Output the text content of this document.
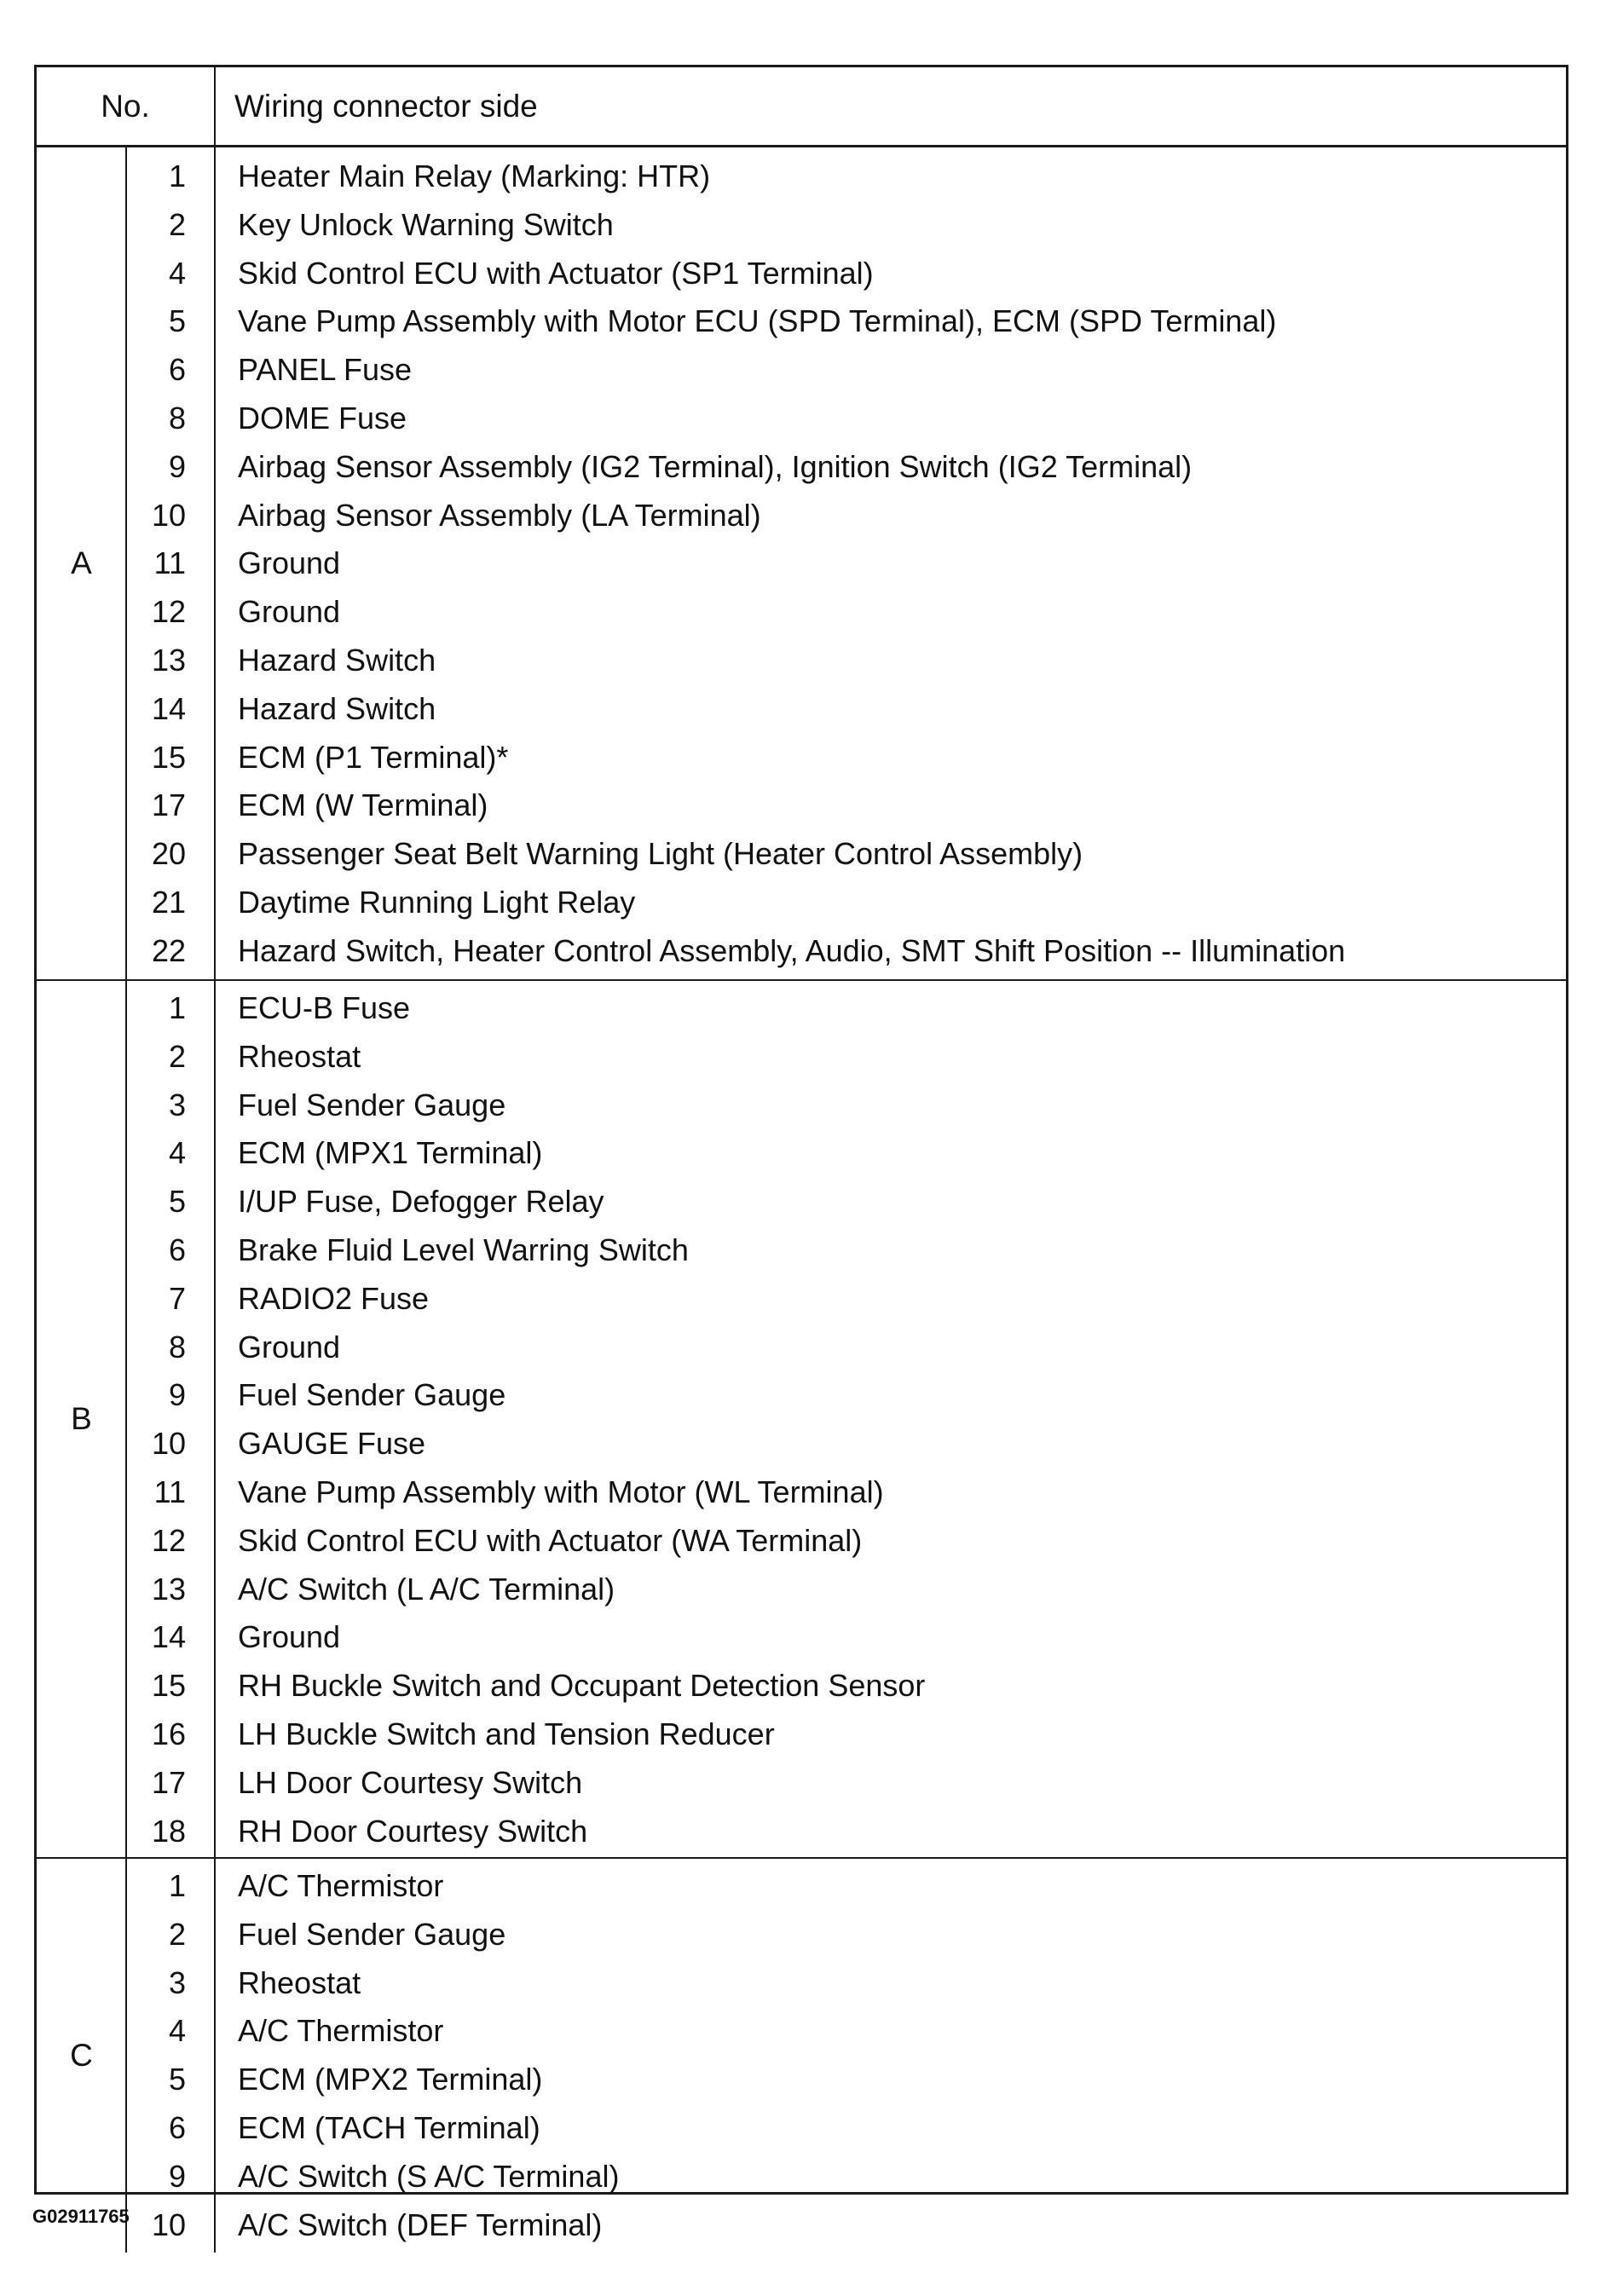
No.	Wiring connector side
A
1 Heater Main Relay (Marking: HTR)
2 Key Unlock Warning Switch
4 Skid Control ECU with Actuator (SP1 Terminal)
5 Vane Pump Assembly with Motor ECU (SPD Terminal), ECM (SPD Terminal)
6 PANEL Fuse
8 DOME Fuse
9 Airbag Sensor Assembly (IG2 Terminal), Ignition Switch (IG2 Terminal)
10 Airbag Sensor Assembly (LA Terminal)
11 Ground
12 Ground
13 Hazard Switch
14 Hazard Switch
15 ECM (P1 Terminal)*
17 ECM (W Terminal)
20 Passenger Seat Belt Warning Light (Heater Control Assembly)
21 Daytime Running Light Relay
22 Hazard Switch, Heater Control Assembly, Audio, SMT Shift Position -- Illumination
B
1 ECU-B Fuse
2 Rheostat
3 Fuel Sender Gauge
4 ECM (MPX1 Terminal)
5 I/UP Fuse, Defogger Relay
6 Brake Fluid Level Warring Switch
7 RADIO2 Fuse
8 Ground
9 Fuel Sender Gauge
10 GAUGE Fuse
11 Vane Pump Assembly with Motor (WL Terminal)
12 Skid Control ECU with Actuator (WA Terminal)
13 A/C Switch (L A/C Terminal)
14 Ground
15 RH Buckle Switch and Occupant Detection Sensor
16 LH Buckle Switch and Tension Reducer
17 LH Door Courtesy Switch
18 RH Door Courtesy Switch
C
1 A/C Thermistor
2 Fuel Sender Gauge
3 Rheostat
4 A/C Thermistor
5 ECM (MPX2 Terminal)
6 ECM (TACH Terminal)
9 A/C Switch (S A/C Terminal)
10 A/C Switch (DEF Terminal)
G02911765
